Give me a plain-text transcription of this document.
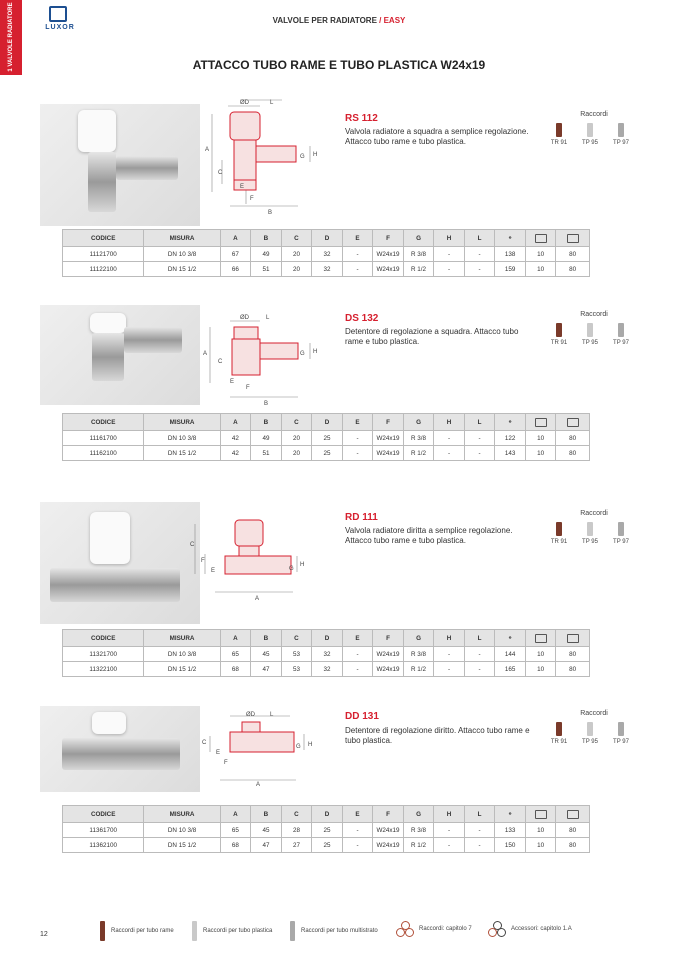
1 VALVOLE RADIATORE	LUXOR
VALVOLE PER RADIATORE / EASY
ATTACCO TUBO RAME E TUBO PLASTICA W24x19
ØD	L
A
C
E
F
G H
B
RS 112
Valvola radiatore a squadra a semplice regolazione. Attacco tubo rame e tubo plastica.
Raccordi
TR 91	TP 95	TP 97
CODICE	MISURA	A	B	C	D	E	F	G	H	L	⚬		
11121700	DN 10 3/8	67	49	20	32	-	W24x19	R 3/8	-	-	138	10	80
11122100	DN 15 1/2	66	51	20	32	-	W24x19	R 1/2	-	-	159	10	80
ØD	L
A
C
E
F
G H
B
DS 132
Detentore di regolazione a squadra. Attacco tubo rame e tubo plastica.
Raccordi
TR 91	TP 95	TP 97
CODICE	MISURA	A	B	C	D	E	F	G	H	L	⚬		
11161700	DN 10 3/8	42	49	20	25	-	W24x19	R 3/8	-	-	122	10	80
11162100	DN 15 1/2	42	51	20	25	-	W24x19	R 1/2	-	-	143	10	80
C
F
E	G
H
A
RD 111
Valvola radiatore diritta a semplice regolazione. Attacco tubo rame e tubo plastica.
Raccordi
TR 91	TP 95	TP 97
CODICE	MISURA	A	B	C	D	E	F	G	H	L	⚬		
11321700	DN 10 3/8	65	45	53	32	-	W24x19	R 3/8	-	-	144	10	80
11322100	DN 15 1/2	68	47	53	32	-	W24x19	R 1/2	-	-	165	10	80
ØD	L
C
E
F
G H
A
DD 131
Detentore di regolazione diritto. Attacco tubo rame e tubo plastica.
Raccordi
TR 91	TP 95	TP 97
CODICE	MISURA	A	B	C	D	E	F	G	H	L	⚬		
11361700	DN 10 3/8	65	45	28	25	-	W24x19	R 3/8	-	-	133	10	80
11362100	DN 15 1/2	68	47	27	25	-	W24x19	R 1/2	-	-	150	10	80
12	Raccordi per tubo rame	Raccordi per tubo plastica	Raccordi per tubo multistrato	Raccordi: capitolo 7	Accessori: capitolo 1.A
